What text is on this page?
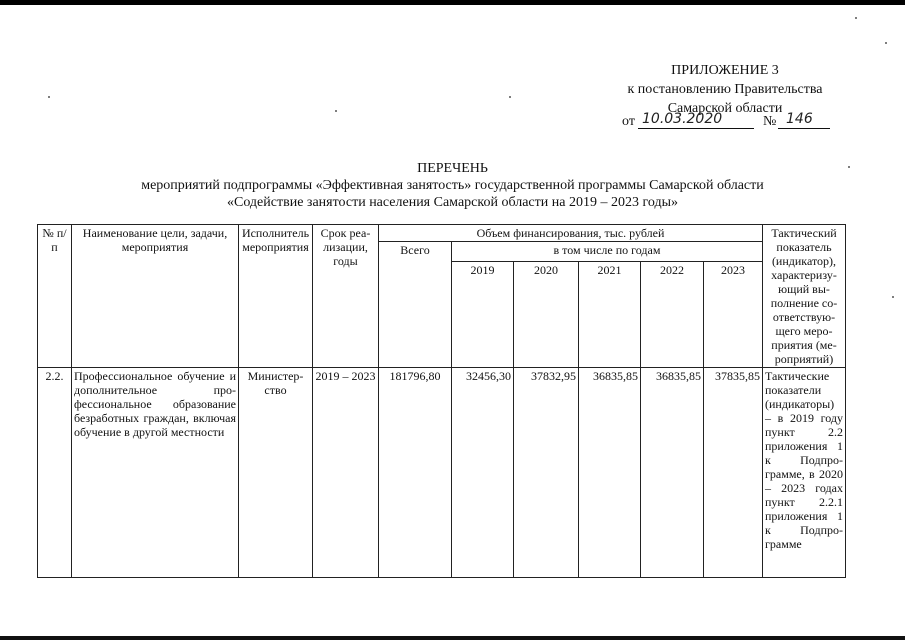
ПРИЛОЖЕНИЕ 3
к постановлению Правительства
Самарской области
от 10.03.2020	№ 146
ПЕРЕЧЕНЬ
мероприятий подпрограммы «Эффективная занятость» государственной программы Самарской области
«Содействие занятости населения Самарской области на 2019 – 2023 годы»
№ п/п	Наименование цели, задачи, мероприятия	Исполнитель мероприятия	Срок реализации, годы	Объем финансирования, тыс. рублей						Тактический показатель (индикатор), характеризующий выполнение соответствующего мероприятия (мероприятий)
				Всего	в том числе по годам					
					2019	2020	2021	2022	2023	
2.2.	Профессиональное обучение и дополнительное профессиональное образование безработных граждан, включая обучение в другой местности	Министерство	2019 – 2023	181796,80	32456,30	37832,95	36835,85	36835,85	37835,85	Тактические показатели (индикаторы) – в 2019 году пункт 2.2 приложения 1 к Подпрограмме, в 2020 – 2023 годах пункт 2.2.1 приложения 1 к Подпрограмме
